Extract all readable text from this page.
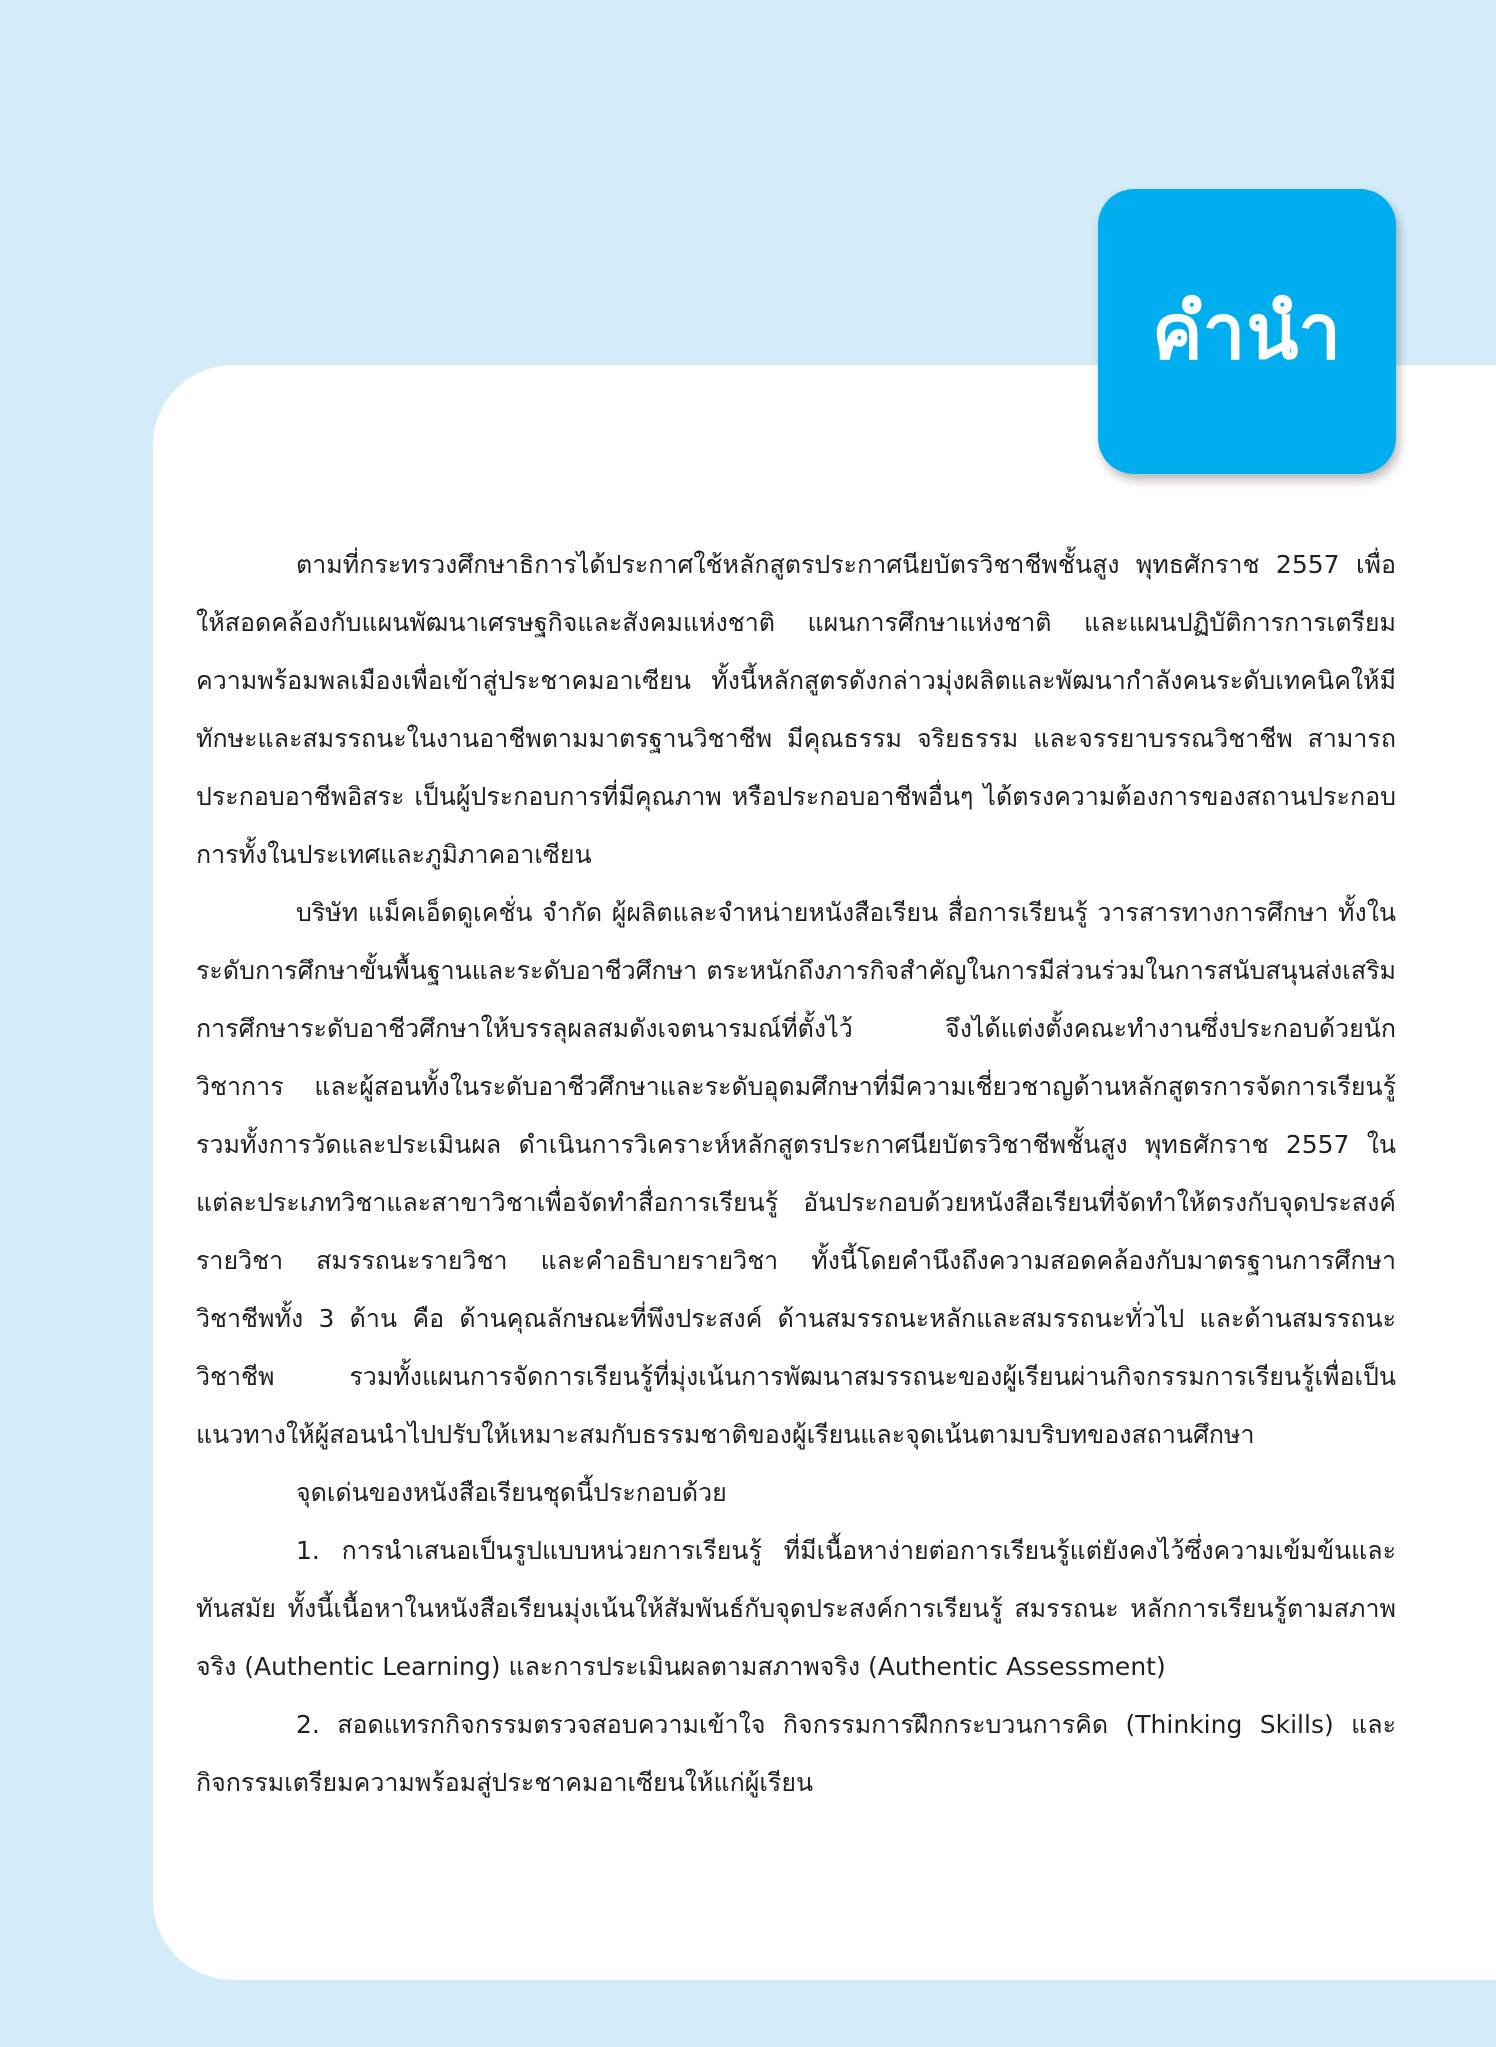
คำนำ

ตามที่กระทรวงศึกษาธิการได้ประกาศใช้หลักสูตรประกาศนียบัตรวิชาชีพชั้นสูง พุทธศักราช 2557 เพื่อให้สอดคล้องกับแผนพัฒนาเศรษฐกิจและสังคมแห่งชาติ แผนการศึกษาแห่งชาติ และแผนปฏิบัติการการเตรียมความพร้อมพลเมืองเพื่อเข้าสู่ประชาคมอาเซียน ทั้งนี้หลักสูตรดังกล่าวมุ่งผลิตและพัฒนากำลังคนระดับเทคนิคให้มีทักษะและสมรรถนะในงานอาชีพตามมาตรฐานวิชาชีพ มีคุณธรรม จริยธรรม และจรรยาบรรณวิชาชีพ สามารถประกอบอาชีพอิสระ เป็นผู้ประกอบการที่มีคุณภาพ หรือประกอบอาชีพอื่นๆ ได้ตรงความต้องการของสถานประกอบการทั้งในประเทศและภูมิภาคอาเซียน

บริษัท แม็คเอ็ดดูเคชั่น จำกัด ผู้ผลิตและจำหน่ายหนังสือเรียน สื่อการเรียนรู้ วารสารทางการศึกษา ทั้งในระดับการศึกษาขั้นพื้นฐานและระดับอาชีวศึกษา ตระหนักถึงภารกิจสำคัญในการมีส่วนร่วมในการสนับสนุนส่งเสริมการศึกษาระดับอาชีวศึกษาให้บรรลุผลสมดังเจตนารมณ์ที่ตั้งไว้ จึงได้แต่งตั้งคณะทำงานซึ่งประกอบด้วยนักวิชาการ และผู้สอนทั้งในระดับอาชีวศึกษาและระดับอุดมศึกษาที่มีความเชี่ยวชาญด้านหลักสูตรการจัดการเรียนรู้ รวมทั้งการวัดและประเมินผล ดำเนินการวิเคราะห์หลักสูตรประกาศนียบัตรวิชาชีพชั้นสูง พุทธศักราช 2557 ในแต่ละประเภทวิชาและสาขาวิชาเพื่อจัดทำสื่อการเรียนรู้ อันประกอบด้วยหนังสือเรียนที่จัดทำให้ตรงกับจุดประสงค์รายวิชา สมรรถนะรายวิชา และคำอธิบายรายวิชา ทั้งนี้โดยคำนึงถึงความสอดคล้องกับมาตรฐานการศึกษาวิชาชีพทั้ง 3 ด้าน คือ ด้านคุณลักษณะที่พึงประสงค์ ด้านสมรรถนะหลักและสมรรถนะทั่วไป และด้านสมรรถนะวิชาชีพ รวมทั้งแผนการจัดการเรียนรู้ที่มุ่งเน้นการพัฒนาสมรรถนะของผู้เรียนผ่านกิจกรรมการเรียนรู้เพื่อเป็นแนวทางให้ผู้สอนนำไปปรับให้เหมาะสมกับธรรมชาติของผู้เรียนและจุดเน้นตามบริบทของสถานศึกษา

จุดเด่นของหนังสือเรียนชุดนี้ประกอบด้วย

1. การนำเสนอเป็นรูปแบบหน่วยการเรียนรู้ ที่มีเนื้อหาง่ายต่อการเรียนรู้แต่ยังคงไว้ซึ่งความเข้มข้นและทันสมัย ทั้งนี้เนื้อหาในหนังสือเรียนมุ่งเน้นให้สัมพันธ์กับจุดประสงค์การเรียนรู้ สมรรถนะ หลักการเรียนรู้ตามสภาพจริง (Authentic Learning) และการประเมินผลตามสภาพจริง (Authentic Assessment)

2. สอดแทรกกิจกรรมตรวจสอบความเข้าใจ กิจกรรมการฝึกกระบวนการคิด (Thinking Skills) และกิจกรรมเตรียมความพร้อมสู่ประชาคมอาเซียนให้แก่ผู้เรียน
